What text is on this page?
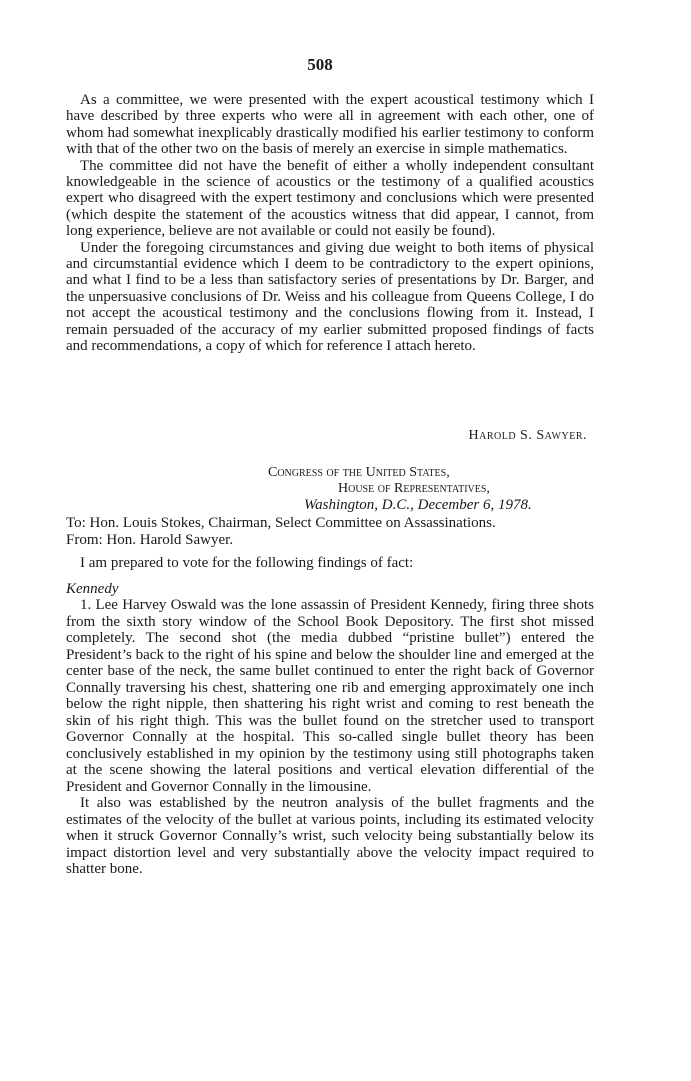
508

As a committee, we were presented with the expert acoustical testimony which I have described by three experts who were all in agreement with each other, one of whom had somewhat inexplicably drastically modified his earlier testimony to conform with that of the other two on the basis of merely an exercise in simple mathematics.

The committee did not have the benefit of either a wholly independent consultant knowledgeable in the science of acoustics or the testimony of a qualified acoustics expert who disagreed with the expert testimony and conclusions which were presented (which despite the statement of the acoustics witness that did appear, I cannot, from long experience, believe are not available or could not easily be found).

Under the foregoing circumstances and giving due weight to both items of physical and circumstantial evidence which I deem to be contradictory to the expert opinions, and what I find to be a less than satisfactory series of presentations by Dr. Barger, and the unpersuasive conclusions of Dr. Weiss and his colleague from Queens College, I do not accept the acoustical testimony and the conclusions flowing from it. Instead, I remain persuaded of the accuracy of my earlier submitted proposed findings of facts and recommendations, a copy of which for reference I attach hereto.

Harold S. Sawyer.
Congress of the United States,
House of Representatives,
Washington, D.C., December 6, 1978.
To: Hon. Louis Stokes, Chairman, Select Committee on Assassinations.
From: Hon. Harold Sawyer.

I am prepared to vote for the following findings of fact:

Kennedy

1. Lee Harvey Oswald was the lone assassin of President Kennedy, firing three shots from the sixth story window of the School Book Depository. The first shot missed completely. The second shot (the media dubbed “pristine bullet”) entered the President’s back to the right of his spine and below the shoulder line and emerged at the center base of the neck, the same bullet continued to enter the right back of Governor Connally traversing his chest, shattering one rib and emerging approximately one inch below the right nipple, then shattering his right wrist and coming to rest beneath the skin of his right thigh. This was the bullet found on the stretcher used to transport Governor Connally at the hospital. This so-called single bullet theory has been conclusively established in my opinion by the testimony using still photographs taken at the scene showing the lateral positions and vertical elevation differential of the President and Governor Connally in the limousine.

It also was established by the neutron analysis of the bullet fragments and the estimates of the velocity of the bullet at various points, including its estimated velocity when it struck Governor Connally’s wrist, such velocity being substantially below its impact distortion level and very substantially above the velocity impact required to shatter bone.
